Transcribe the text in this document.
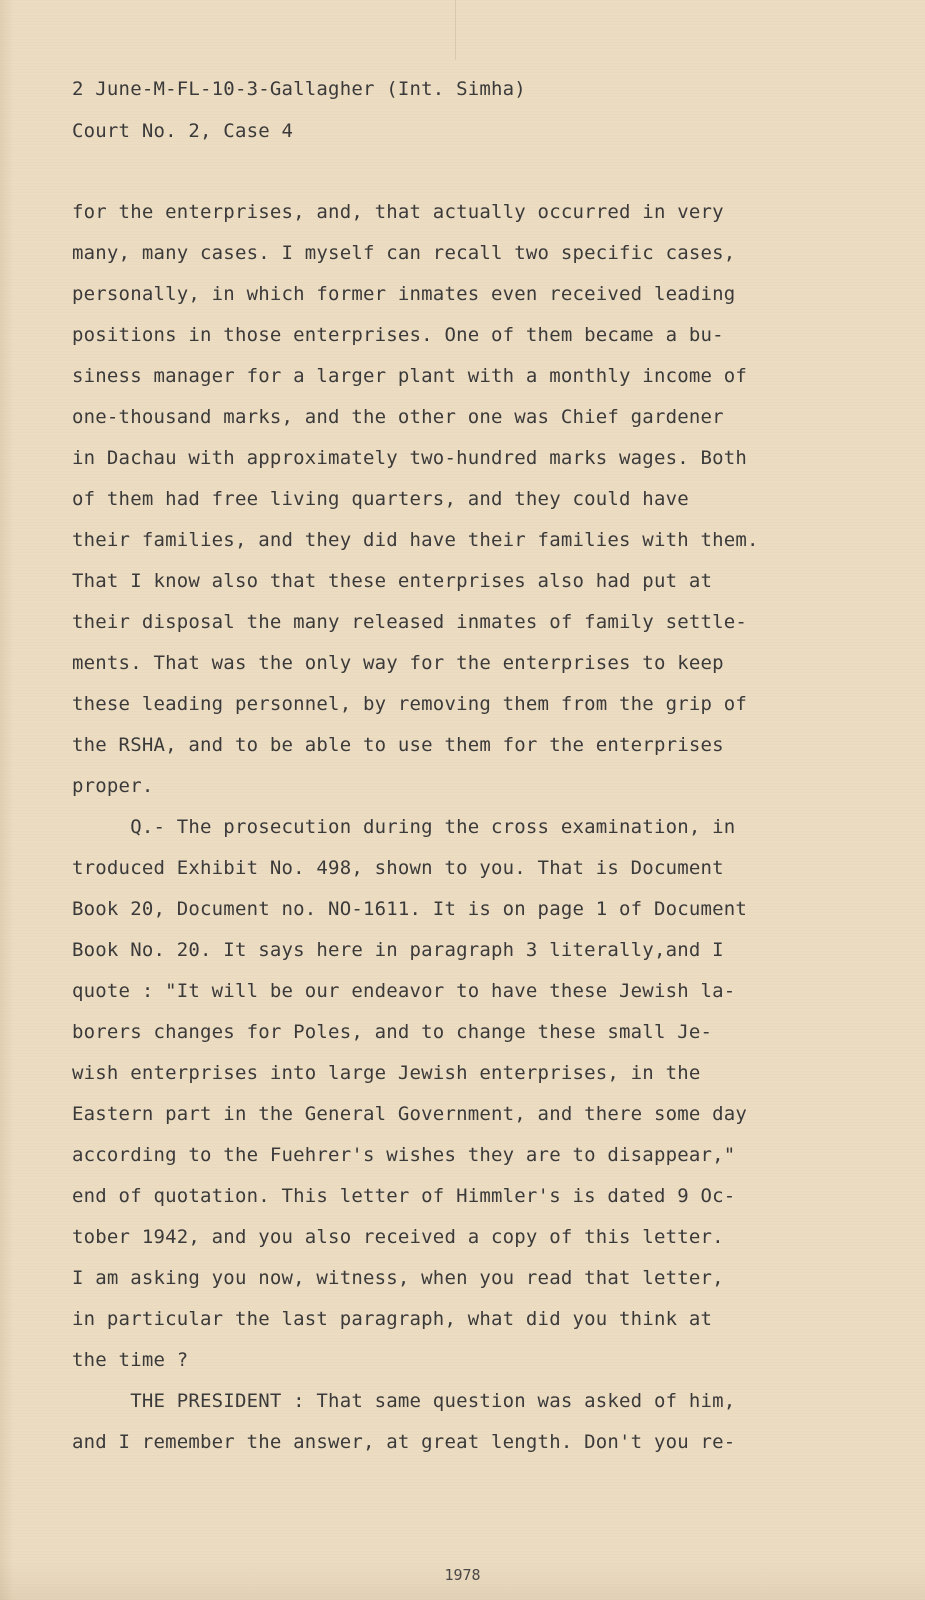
2 June-M-FL-10-3-Gallagher (Int. Simha)

Court No. 2, Case 4

for the enterprises, and, that actually occurred in very

many, many cases. I myself can recall two specific cases,

personally, in which former inmates even received leading

positions in those enterprises. One of them became a bu-

siness manager for a larger plant with a monthly income of

one-thousand marks, and the other one was Chief gardener

in Dachau with approximately two-hundred marks wages. Both

of them had free living quarters, and they could have

their families, and they did have their families with them.

That I know also that these enterprises also had put at

their disposal the many released inmates of family settle-

ments. That was the only way for the enterprises to keep

these leading personnel, by removing them from the grip of

the RSHA, and to be able to use them for the enterprises

proper.

Q.- The prosecution during the cross examination, in

troduced Exhibit No. 498, shown to you. That is Document

Book 20, Document no. NO-1611. It is on page 1 of Document

Book No. 20. It says here in paragraph 3 literally,and I

quote : "It will be our endeavor to have these Jewish la-

borers changes for Poles, and to change these small Je-

wish enterprises into large Jewish enterprises, in the

Eastern part in the General Government, and there some day

according to the Fuehrer's wishes they are to disappear,"

end of quotation. This letter of Himmler's is dated 9 Oc-

tober 1942, and you also received a copy of this letter.

I am asking you now, witness, when you read that letter,

in particular the last paragraph, what did you think at

the time ?

THE PRESIDENT : That same question was asked of him,

and I remember the answer, at great length. Don't you re-

1978
